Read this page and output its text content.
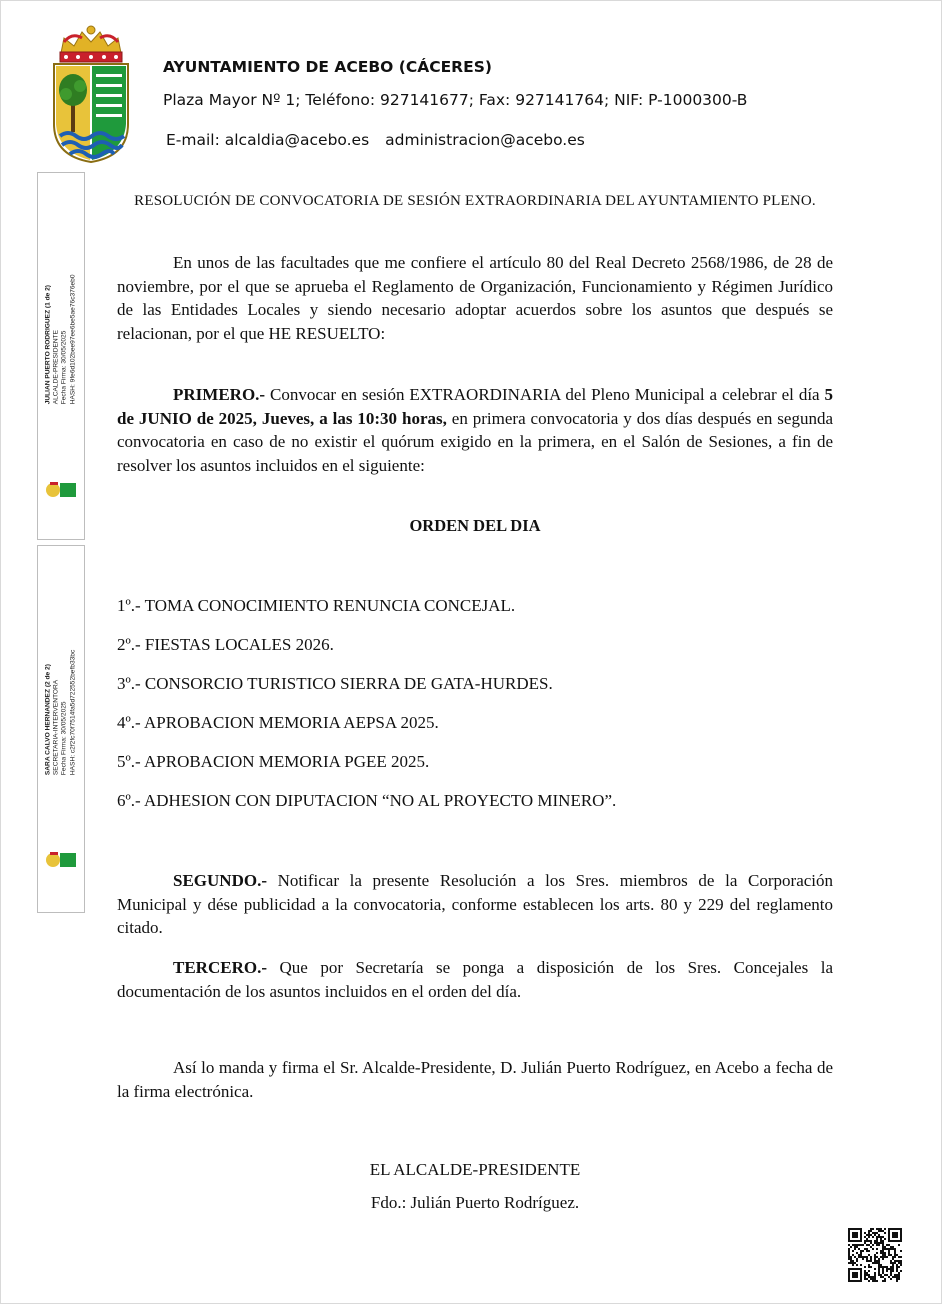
AYUNTAMIENTO DE ACEBO (CÁCERES)
Plaza Mayor Nº 1; Teléfono: 927141677; Fax: 927141764; NIF: P-1000300-B
E-mail: alcaldia@acebo.es administracion@acebo.es
JULIAN PUERTO RODRIGUEZ (1 de 2) ALCALDE-PRESIDENTE Fecha Firma: 30/05/2025 HASH: 9fe6d102bee97ee6be5ae76c376eb0
SARA CALVO HERNANDEZ (2 de 2) SECRETARIA-INTERVENTORA Fecha Firma: 30/05/2025 HASH: c2f2fc70f7514fa5d722552befb33bc
RESOLUCIÓN DE CONVOCATORIA DE SESIÓN EXTRAORDINARIA DEL AYUNTAMIENTO PLENO.
En unos de las facultades que me confiere el artículo 80 del Real Decreto 2568/1986, de 28 de noviembre, por el que se aprueba el Reglamento de Organización, Funcionamiento y Régimen Jurídico de las Entidades Locales y siendo necesario adoptar acuerdos sobre los asuntos que después se relacionan, por el que HE RESUELTO:
PRIMERO.- Convocar en sesión EXTRAORDINARIA del Pleno Municipal a celebrar el día 5 de JUNIO de 2025, Jueves, a las 10:30 horas, en primera convocatoria y dos días después en segunda convocatoria en caso de no existir el quórum exigido en la primera, en el Salón de Sesiones, a fin de resolver los asuntos incluidos en el siguiente:
ORDEN DEL DIA
1º.- TOMA CONOCIMIENTO RENUNCIA CONCEJAL.
2º.- FIESTAS LOCALES 2026.
3º.- CONSORCIO TURISTICO SIERRA DE GATA-HURDES.
4º.- APROBACION MEMORIA AEPSA 2025.
5º.- APROBACION MEMORIA PGEE 2025.
6º.- ADHESION CON DIPUTACION “NO AL PROYECTO MINERO”.
SEGUNDO.- Notificar la presente Resolución a los Sres. miembros de la Corporación Municipal y dése publicidad a la convocatoria, conforme establecen los arts. 80 y 229 del reglamento citado.
TERCERO.- Que por Secretaría se ponga a disposición de los Sres. Concejales la documentación de los asuntos incluidos en el orden del día.
Así lo manda y firma el Sr. Alcalde-Presidente, D. Julián Puerto Rodríguez, en Acebo a fecha de la firma electrónica.
EL ALCALDE-PRESIDENTE
Fdo.: Julián Puerto Rodríguez.
